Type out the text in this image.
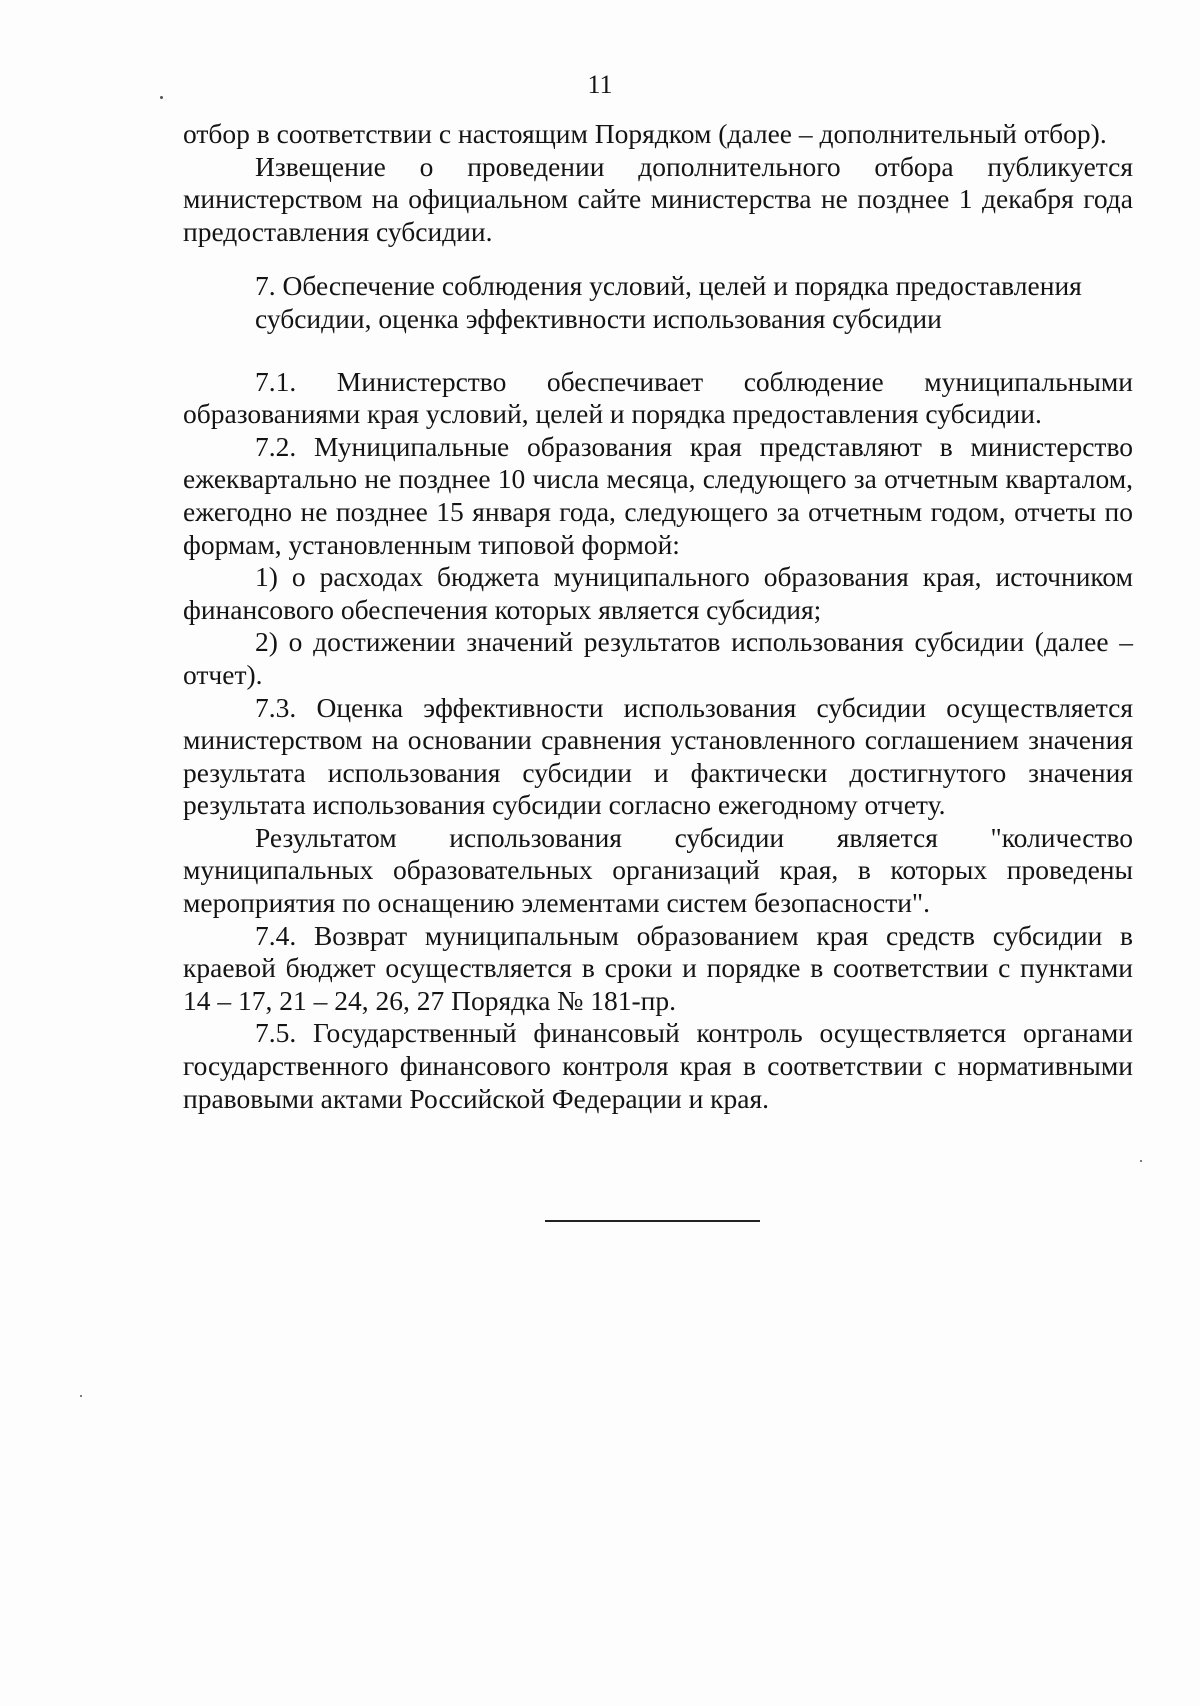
11

отбор в соответствии с настоящим Порядком (далее – дополнительный отбор).

Извещение о проведении дополнительного отбора публикуется министерством на официальном сайте министерства не позднее 1 декабря года предоставления субсидии.

7. Обеспечение соблюдения условий, целей и порядка предоставления субсидии, оценка эффективности использования субсидии

7.1. Министерство обеспечивает соблюдение муниципальными образованиями края условий, целей и порядка предоставления субсидии.

7.2. Муниципальные образования края представляют в министерство ежеквартально не позднее 10 числа месяца, следующего за отчетным кварталом, ежегодно не позднее 15 января года, следующего за отчетным годом, отчеты по формам, установленным типовой формой:

1) о расходах бюджета муниципального образования края, источником финансового обеспечения которых является субсидия;

2) о достижении значений результатов использования субсидии (далее – отчет).

7.3. Оценка эффективности использования субсидии осуществляется министерством на основании сравнения установленного соглашением значения результата использования субсидии и фактически достигнутого значения результата использования субсидии согласно ежегодному отчету.

Результатом использования субсидии является "количество муниципальных образовательных организаций края, в которых проведены мероприятия по оснащению элементами систем безопасности".

7.4. Возврат муниципальным образованием края средств субсидии в краевой бюджет осуществляется в сроки и порядке в соответствии с пунктами 14 – 17, 21 – 24, 26, 27 Порядка № 181-пр.

7.5. Государственный финансовый контроль осуществляется органами государственного финансового контроля края в соответствии с нормативными правовыми актами Российской Федерации и края.
